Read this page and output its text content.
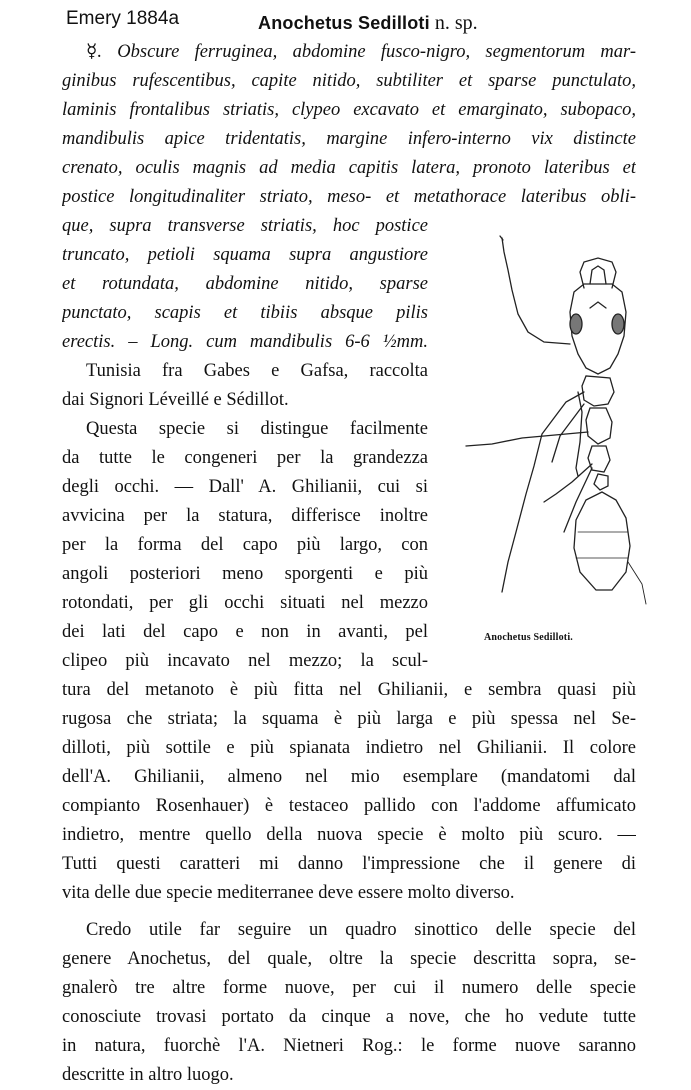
Emery 1884a	Anochetus Sedilloti n. sp.
☿. Obscure ferruginea, abdomine fusco-nigro, segmentorum mar-
ginibus rufescentibus, capite nitido, subtiliter et sparse punctulato,
laminis frontalibus striatis, clypeo excavato et emarginato, subopaco,
mandibulis apice tridentatis, margine infero-interno vix distincte
crenato, oculis magnis ad media capitis latera, pronoto lateribus et
postice longitudinaliter striato, meso- et metathorace lateribus obli-
que, supra transverse striatis, hoc postice
truncato, petioli squama supra angustiore
et rotundata, abdomine nitido, sparse
punctato, scapis et tibiis absque pilis
erectis. – Long. cum mandibulis 6-6 ½mm.
Tunisia fra Gabes e Gafsa, raccolta
dai Signori Léveillé e Sédillot.
Questa specie si distingue facilmente
da tutte le congeneri per la grandezza
degli occhi. — Dall' A. Ghilianii, cui si
avvicina per la statura, differisce inoltre
per la forma del capo più largo, con
angoli posteriori meno sporgenti e più
rotondati, per gli occhi situati nel mezzo
dei lati del capo e non in avanti, pel
clipeo più incavato nel mezzo; la scul-
tura del metanoto è più fitta nel Ghilianii, e sembra quasi più
rugosa che striata; la squama è più larga e più spessa nel Se-
dilloti, più sottile e più spianata indietro nel Ghilianii. Il colore
dell'A. Ghilianii, almeno nel mio esemplare (mandatomi dal
compianto Rosenhauer) è testaceo pallido con l'addome affumicato
indietro, mentre quello della nuova specie è molto più scuro. —
Tutti questi caratteri mi danno l'impressione che il genere di
vita delle due specie mediterranee deve essere molto diverso.
Credo utile far seguire un quadro sinottico delle specie del
genere Anochetus, del quale, oltre la specie descritta sopra, se-
gnalerò tre altre forme nuove, per cui il numero delle specie
conosciute trovasi portato da cinque a nove, che ho vedute tutte
in natura, fuorchè l'A. Nietneri Rog.: le forme nuove saranno
descritte in altro luogo.
Anochetus Sedilloti.
